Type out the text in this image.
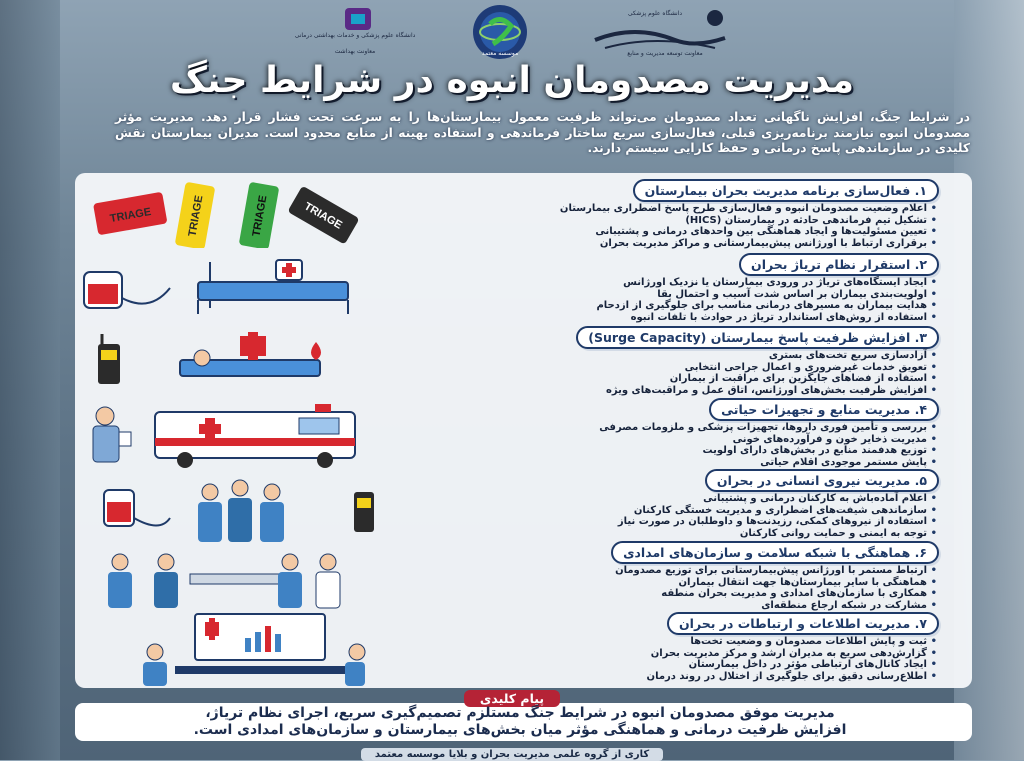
دانشگاه علوم پزشکی
معاونت توسعه مدیریت و منابع
موسسه معتمد
دانشگاه علوم پزشکی و خدمات بهداشتی درمانی
معاونت بهداشت
مدیریت مصدومان انبوه در شرایط جنگ
در شرایط جنگ، افزایش ناگهانی تعداد مصدومان می‌تواند ظرفیت معمول بیمارستان‌ها را به سرعت تحت فشار قرار دهد. مدیریت مؤثر مصدومان انبوه نیازمند برنامه‌ریزی قبلی، فعال‌سازی سریع ساختار فرماندهی و استفاده بهینه از منابع محدود است. مدیران بیمارستان نقش کلیدی در سازماندهی پاسخ درمانی و حفظ کارایی سیستم دارند.
TRIAGE	TRIAGE	TRIAGE	TRIAGE
۱. فعال‌سازی برنامه مدیریت بحران بیمارستان
• اعلام وضعیت مصدومان انبوه و فعال‌سازی طرح پاسخ اضطراری بیمارستان
• تشکیل تیم فرماندهی حادثه در بیمارستان (HICS)
• تعیین مسئولیت‌ها و ایجاد هماهنگی بین واحدهای درمانی و پشتیبانی
• برقراری ارتباط با اورژانس پیش‌بیمارستانی و مراکز مدیریت بحران
۲. استقرار نظام تریاژ بحران
• ایجاد ایستگاه‌های تریاژ در ورودی بیمارستان یا نزدیک اورژانس
• اولویت‌بندی بیماران بر اساس شدت آسیب و احتمال بقا
• هدایت بیماران به مسیرهای درمانی مناسب برای جلوگیری از ازدحام
• استفاده از روش‌های استاندارد تریاژ در حوادث با تلفات انبوه
۳. افزایش ظرفیت پاسخ بیمارستان (Surge Capacity)
• آزادسازی سریع تخت‌های بستری
• تعویق خدمات غیرضروری و اعمال جراحی انتخابی
• استفاده از فضاهای جایگزین برای مراقبت از بیماران
• افزایش ظرفیت بخش‌های اورژانس، اتاق عمل و مراقبت‌های ویژه
۴. مدیریت منابع و تجهیزات حیاتی
• بررسی و تأمین فوری داروها، تجهیزات پزشکی و ملزومات مصرفی
• مدیریت ذخایر خون و فرآورده‌های خونی
• توزیع هدفمند منابع در بخش‌های دارای اولویت
• پایش مستمر موجودی اقلام حیاتی
۵. مدیریت نیروی انسانی در بحران
• اعلام آماده‌باش به کارکنان درمانی و پشتیبانی
• سازماندهی شیفت‌های اضطراری و مدیریت خستگی کارکنان
• استفاده از نیروهای کمکی، رزیدنت‌ها و داوطلبان در صورت نیاز
• توجه به ایمنی و حمایت روانی کارکنان
۶. هماهنگی با شبکه سلامت و سازمان‌های امدادی
• ارتباط مستمر با اورژانس پیش‌بیمارستانی برای توزیع مصدومان
• هماهنگی با سایر بیمارستان‌ها جهت انتقال بیماران
• همکاری با سازمان‌های امدادی و مدیریت بحران منطقه
• مشارکت در شبکه ارجاع منطقه‌ای
۷. مدیریت اطلاعات و ارتباطات در بحران
• ثبت و پایش اطلاعات مصدومان و وضعیت تخت‌ها
• گزارش‌دهی سریع به مدیران ارشد و مرکز مدیریت بحران
• ایجاد کانال‌های ارتباطی مؤثر در داخل بیمارستان
• اطلاع‌رسانی دقیق برای جلوگیری از اختلال در روند درمان
پیام کلیدی
مدیریت موفق مصدومان انبوه در شرایط جنگ مستلزم تصمیم‌گیری سریع، اجرای نظام تریاژ،
افزایش ظرفیت درمانی و هماهنگی مؤثر میان بخش‌های بیمارستان و سازمان‌های امدادی است.
کاری از گروه علمی مدیریت بحران و بلایا موسسه معتمد
